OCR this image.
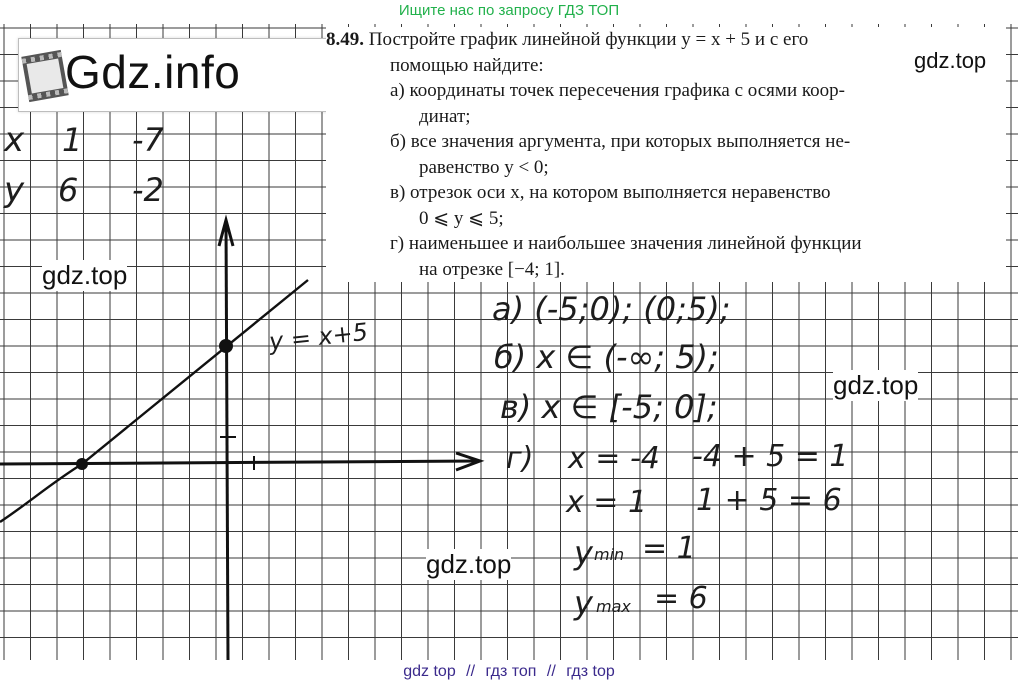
Ищите нас по запросу ГДЗ ТОП
y = x+5
x 1 -7
y 6 -2
а) (-5;0); (0;5);
б) x ∈ (-∞; 5);
в) x ∈ [-5; 0];
г) x = -4 -4 + 5 = 1
x = 1 1 + 5 = 6
y min = 1
y max = 6
Gdz.info
8.49. Постройте график линейной функции y = x + 5 и с его
помощью найдите:
а) координаты точек пересечения графика с осями коор-
динат;
б) все значения аргумента, при которых выполняется не-
равенство y < 0;
в) отрезок оси x, на котором выполняется неравенство
0 ⩽ y ⩽ 5;
г) наименьшее и наибольшее значения линейной функции
на отрезке [−4; 1].
gdz.top
gdz.top
gdz.top
gdz.top
gdz top // гдз топ // гдз top
